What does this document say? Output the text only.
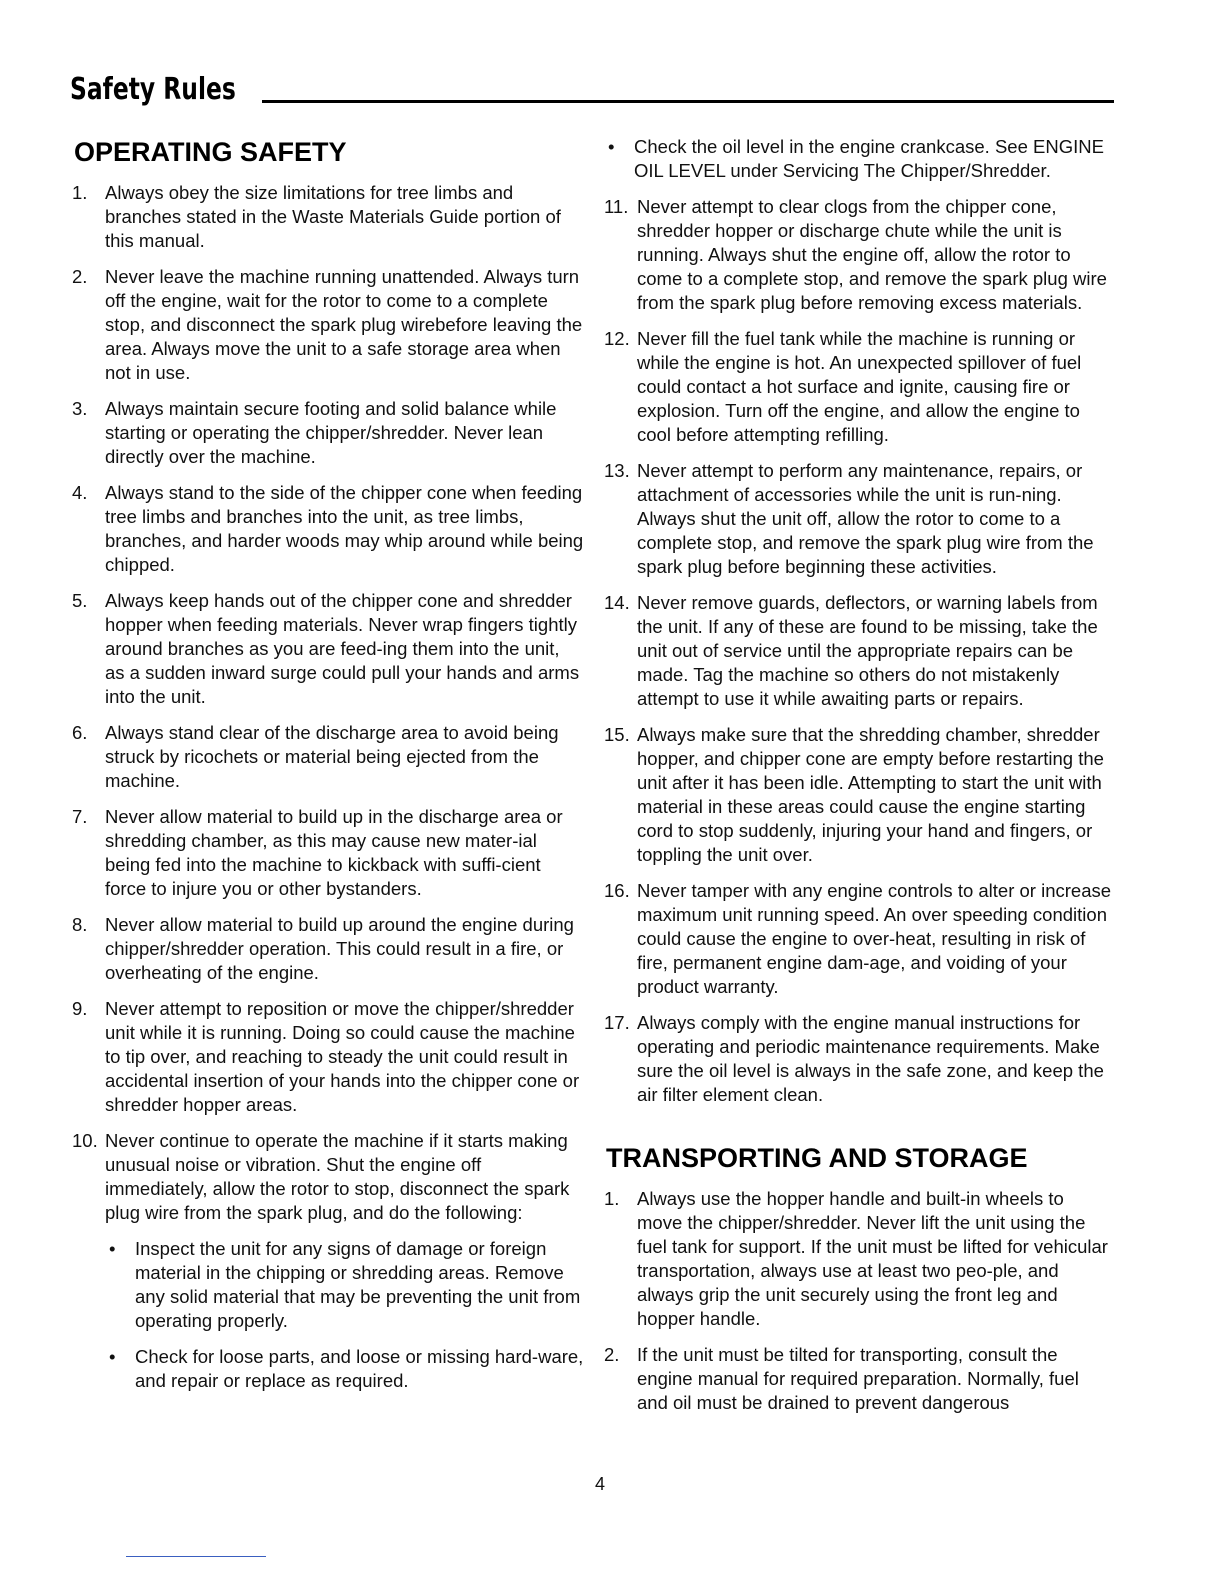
Safety Rules
OPERATING SAFETY
1. Always obey the size limitations for tree limbs and branches stated in the Waste Materials Guide portion of this manual.
2. Never leave the machine running unattended. Always turn off the engine, wait for the rotor to come to a complete stop, and disconnect the spark plug wirebefore leaving the area. Always move the unit to a safe storage area when not in use.
3. Always maintain secure footing and solid balance while starting or operating the chipper/shredder. Never lean directly over the machine.
4. Always stand to the side of the chipper cone when feeding tree limbs and branches into the unit, as tree limbs, branches, and harder woods may whip around while being chipped.
5. Always keep hands out of the chipper cone and shredder hopper when feeding materials. Never wrap fingers tightly around branches as you are feed-ing them into the unit, as a sudden inward surge could pull your hands and arms into the unit.
6. Always stand clear of the discharge area to avoid being struck by ricochets or material being ejected from the machine.
7. Never allow material to build up in the discharge area or shredding chamber, as this may cause new mater-ial being fed into the machine to kickback with suffi-cient force to injure you or other bystanders.
8. Never allow material to build up around the engine during chipper/shredder operation. This could result in a fire, or overheating of the engine.
9. Never attempt to reposition or move the chipper/shredder unit while it is running. Doing so could cause the machine to tip over, and reaching to steady the unit could result in accidental insertion of your hands into the chipper cone or shredder hopper areas.
10. Never continue to operate the machine if it starts making unusual noise or vibration. Shut the engine off immediately, allow the rotor to stop, disconnect the spark plug wire from the spark plug, and do the following:
• Inspect the unit for any signs of damage or foreign material in the chipping or shredding areas. Remove any solid material that may be preventing the unit from operating properly.
• Check for loose parts, and loose or missing hard-ware, and repair or replace as required.
• Check the oil level in the engine crankcase. See ENGINE OIL LEVEL under Servicing The Chipper/Shredder.
11. Never attempt to clear clogs from the chipper cone, shredder hopper or discharge chute while the unit is running. Always shut the engine off, allow the rotor to come to a complete stop, and remove the spark plug wire from the spark plug before removing excess materials.
12. Never fill the fuel tank while the machine is running or while the engine is hot. An unexpected spillover of fuel could contact a hot surface and ignite, causing fire or explosion. Turn off the engine, and allow the engine to cool before attempting refilling.
13. Never attempt to perform any maintenance, repairs, or attachment of accessories while the unit is run-ning. Always shut the unit off, allow the rotor to come to a complete stop, and remove the spark plug wire from the spark plug before beginning these activities.
14. Never remove guards, deflectors, or warning labels from the unit. If any of these are found to be missing, take the unit out of service until the appropriate repairs can be made. Tag the machine so others do not mistakenly attempt to use it while awaiting parts or repairs.
15. Always make sure that the shredding chamber, shredder hopper, and chipper cone are empty before restarting the unit after it has been idle. Attempting to start the unit with material in these areas could cause the engine starting cord to stop suddenly, injuring your hand and fingers, or toppling the unit over.
16. Never tamper with any engine controls to alter or increase maximum unit running speed. An over speeding condition could cause the engine to over-heat, resulting in risk of fire, permanent engine dam-age, and voiding of your product warranty.
17. Always comply with the engine manual instructions for operating and periodic maintenance requirements. Make sure the oil level is always in the safe zone, and keep the air filter element clean.
TRANSPORTING AND STORAGE
1. Always use the hopper handle and built-in wheels to move the chipper/shredder. Never lift the unit using the fuel tank for support. If the unit must be lifted for vehicular transportation, always use at least two peo-ple, and always grip the unit securely using the front leg and hopper handle.
2. If the unit must be tilted for transporting, consult the engine manual for required preparation. Normally, fuel and oil must be drained to prevent dangerous
4
